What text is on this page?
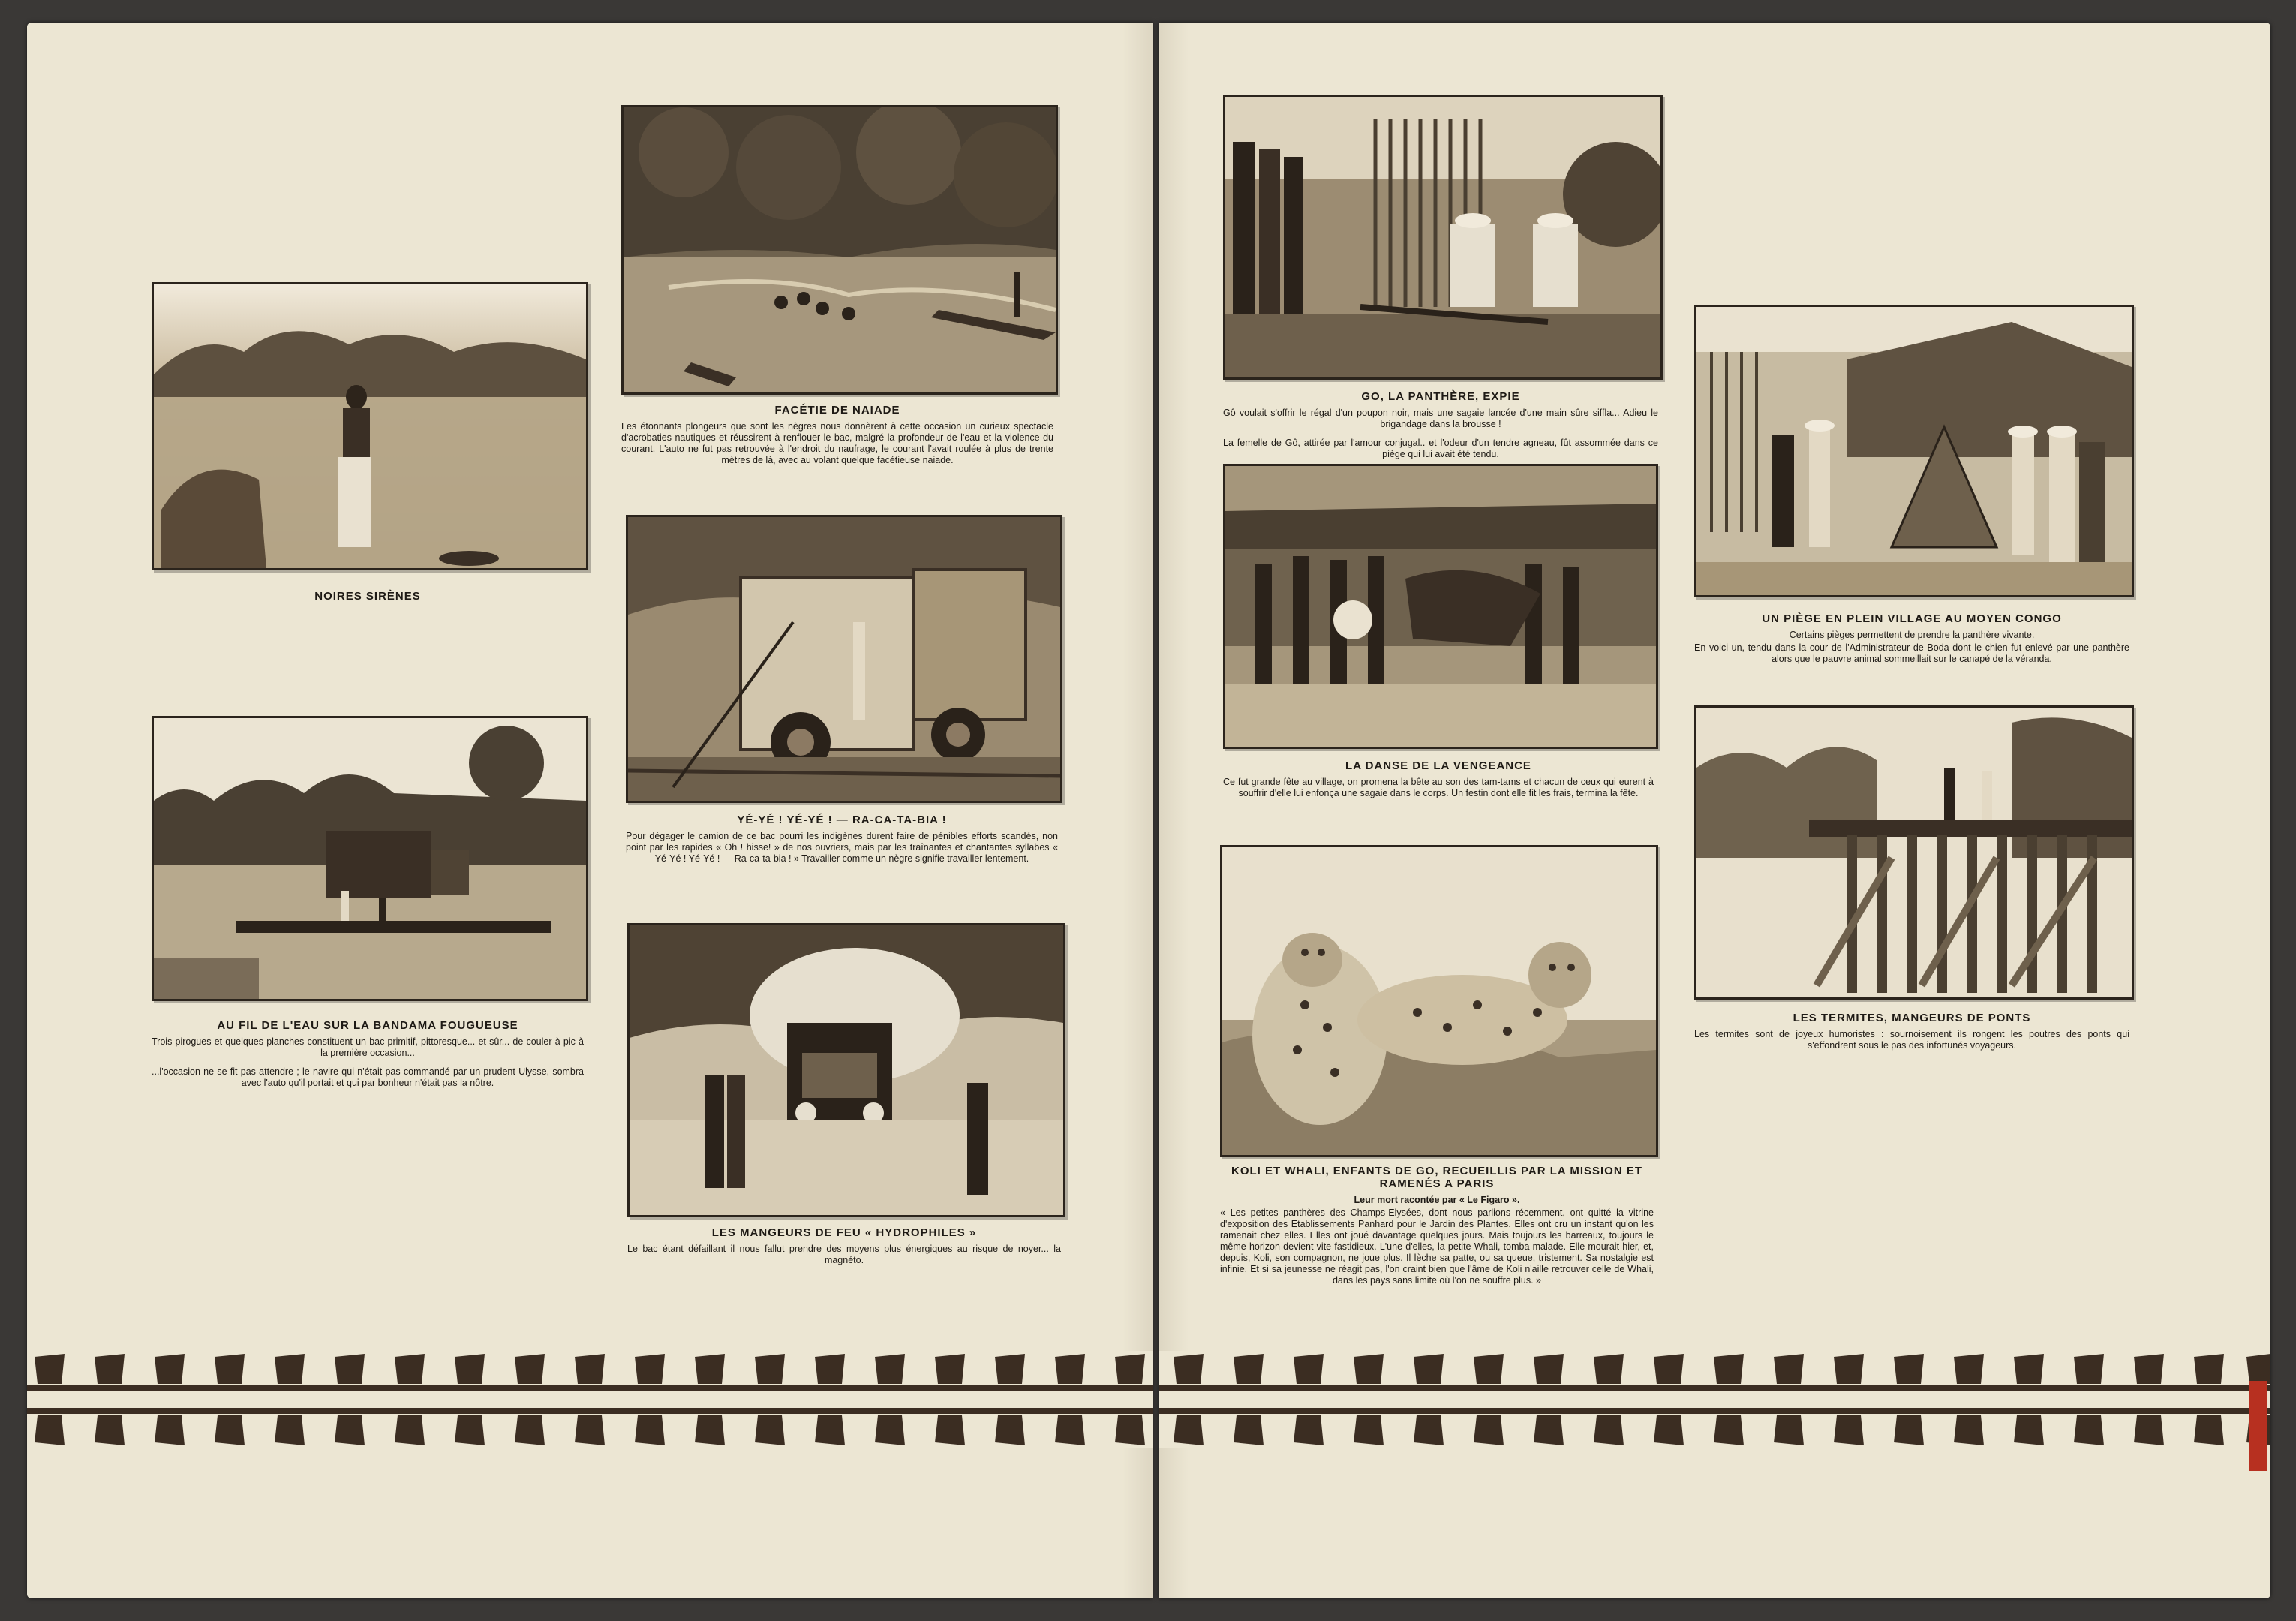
NOIRES SIRÈNES
FACÉTIE DE NAIADE
Les étonnants plongeurs que sont les nègres nous donnèrent à cette occasion un curieux spectacle d'acrobaties nautiques et réussirent à renflouer le bac, malgré la profondeur de l'eau et la violence du courant. L'auto ne fut pas retrouvée à l'endroit du naufrage, le courant l'avait roulée à plus de trente mètres de là, avec au volant quelque facétieuse naiade.
YÉ-YÉ ! YÉ-YÉ ! — RA-CA-TA-BIA !
Pour dégager le camion de ce bac pourri les indigènes durent faire de pénibles efforts scandés, non point par les rapides « Oh ! hisse! » de nos ouvriers, mais par les traînantes et chantantes syllabes « Yé-Yé ! Yé-Yé ! — Ra-ca-ta-bia ! » Travailler comme un nègre signifie travailler lentement.
AU FIL DE L'EAU SUR LA BANDAMA FOUGUEUSE
Trois pirogues et quelques planches constituent un bac primitif, pittoresque... et sûr... de couler à pic à la première occasion...
...l'occasion ne se fit pas attendre ; le navire qui n'était pas commandé par un prudent Ulysse, sombra avec l'auto qu'il portait et qui par bonheur n'était pas la nôtre.
LES MANGEURS DE FEU « HYDROPHILES »
Le bac étant défaillant il nous fallut prendre des moyens plus énergiques au risque de noyer... la magnéto.
GO, LA PANTHÈRE, EXPIE
Gô voulait s'offrir le régal d'un poupon noir, mais une sagaie lancée d'une main sûre siffla... Adieu le brigandage dans la brousse !
La femelle de Gô, attirée par l'amour conjugal.. et l'odeur d'un tendre agneau, fût assommée dans ce piège qui lui avait été tendu.
LA DANSE DE LA VENGEANCE
Ce fut grande fête au village, on promena la bête au son des tam-tams et chacun de ceux qui eurent à souffrir d'elle lui enfonça une sagaie dans le corps. Un festin dont elle fit les frais, termina la fête.
KOLI ET WHALI, ENFANTS DE GO, RECUEILLIS PAR LA MISSION ET RAMENÉS A PARIS
Leur mort racontée par « Le Figaro ».
« Les petites panthères des Champs-Elysées, dont nous parlions récemment, ont quitté la vitrine d'exposition des Etablissements Panhard pour le Jardin des Plantes. Elles ont cru un instant qu'on les ramenait chez elles. Elles ont joué davantage quelques jours. Mais toujours les barreaux, toujours le même horizon devient vite fastidieux. L'une d'elles, la petite Whali, tomba malade. Elle mourait hier, et, depuis, Koli, son compagnon, ne joue plus. Il lèche sa patte, ou sa queue, tristement. Sa nostalgie est infinie. Et si sa jeunesse ne réagit pas, l'on craint bien que l'âme de Koli n'aille retrouver celle de Whali, dans les pays sans limite où l'on ne souffre plus. »
UN PIÈGE EN PLEIN VILLAGE AU MOYEN CONGO
Certains pièges permettent de prendre la panthère vivante.
En voici un, tendu dans la cour de l'Administrateur de Boda dont le chien fut enlevé par une panthère alors que le pauvre animal sommeillait sur le canapé de la véranda.
LES TERMITES, MANGEURS DE PONTS
Les termites sont de joyeux humoristes : sournoisement ils rongent les poutres des ponts qui s'effondrent sous le pas des infortunés voyageurs.
